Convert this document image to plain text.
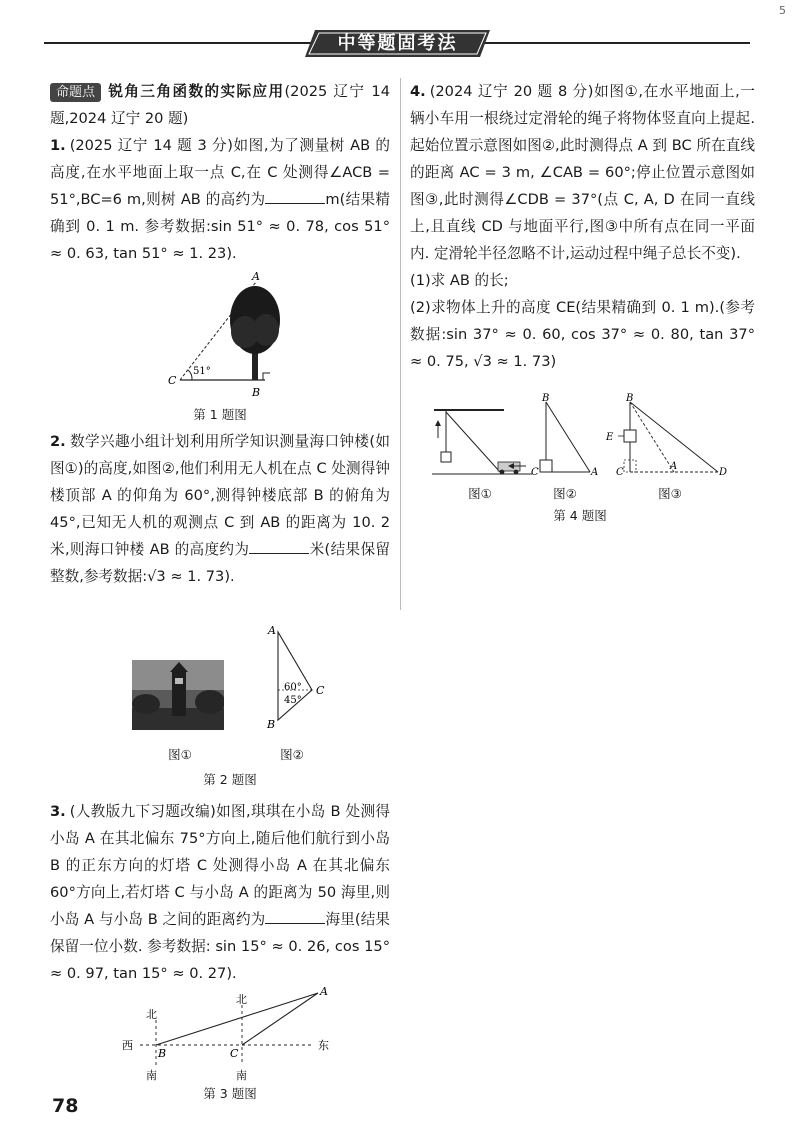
中等题固考法
5

命题点 锐角三角函数的实际应用(2025 辽宁 14 题,2024 辽宁 20 题)

1. (2025 辽宁 14 题 3 分)如图,为了测量树 AB 的高度,在水平地面上取一点 C,在 C 处测得∠ACB = 51°,BC=6 m,则树 AB 的高约为	m(结果精确到 0. 1 m. 参考数据:sin 51° ≈ 0. 78, cos 51° ≈ 0. 63, tan 51° ≈ 1. 23).

A
B
C
51°
第 1 题图

2. 数学兴趣小组计划利用所学知识测量海口钟楼(如图①)的高度,如图②,他们利用无人机在点 C 处测得钟楼顶部 A 的仰角为 60°,测得钟楼底部 B 的俯角为 45°,已知无人机的观测点 C 到 AB 的距离为 10. 2 米,则海口钟楼 AB 的高度约为	米(结果保留整数,参考数据:√3 ≈ 1. 73).

A
B
C
60°
45°
图①	图②
第 2 题图

3. (人教版九下习题改编)如图,琪琪在小岛 B 处测得小岛 A 在其北偏东 75°方向上,随后他们航行到小岛 B 的正东方向的灯塔 C 处测得小岛 A 在其北偏东 60°方向上,若灯塔 C 与小岛 A 的距离为 50 海里,则小岛 A 与小岛 B 之间的距离约为	海里(结果保留一位小数. 参考数据: sin 15° ≈ 0. 26, cos 15° ≈ 0. 97, tan 15° ≈ 0. 27).

北
北
西	东
南	南
A
B	C
第 3 题图

4. (2024 辽宁 20 题 8 分)如图①,在水平地面上,一辆小车用一根绕过定滑轮的绳子将物体竖直向上提起. 起始位置示意图如图②,此时测得点 A 到 BC 所在直线的距离 AC = 3 m, ∠CAB = 60°;停止位置示意图如图③,此时测得∠CDB = 37°(点 C, A, D 在同一直线上,且直线 CD 与地面平行,图③中所有点在同一平面内. 定滑轮半径忽略不计,运动过程中绳子总长不变).

(1)求 AB 的长;

(2)求物体上升的高度 CE(结果精确到 0. 1 m).(参考数据:sin 37° ≈ 0. 60, cos 37° ≈ 0. 80, tan 37° ≈ 0. 75, √3 ≈ 1. 73)

B
C	A
B
E
C
A
D
图①	图②	图③
第 4 题图
78
